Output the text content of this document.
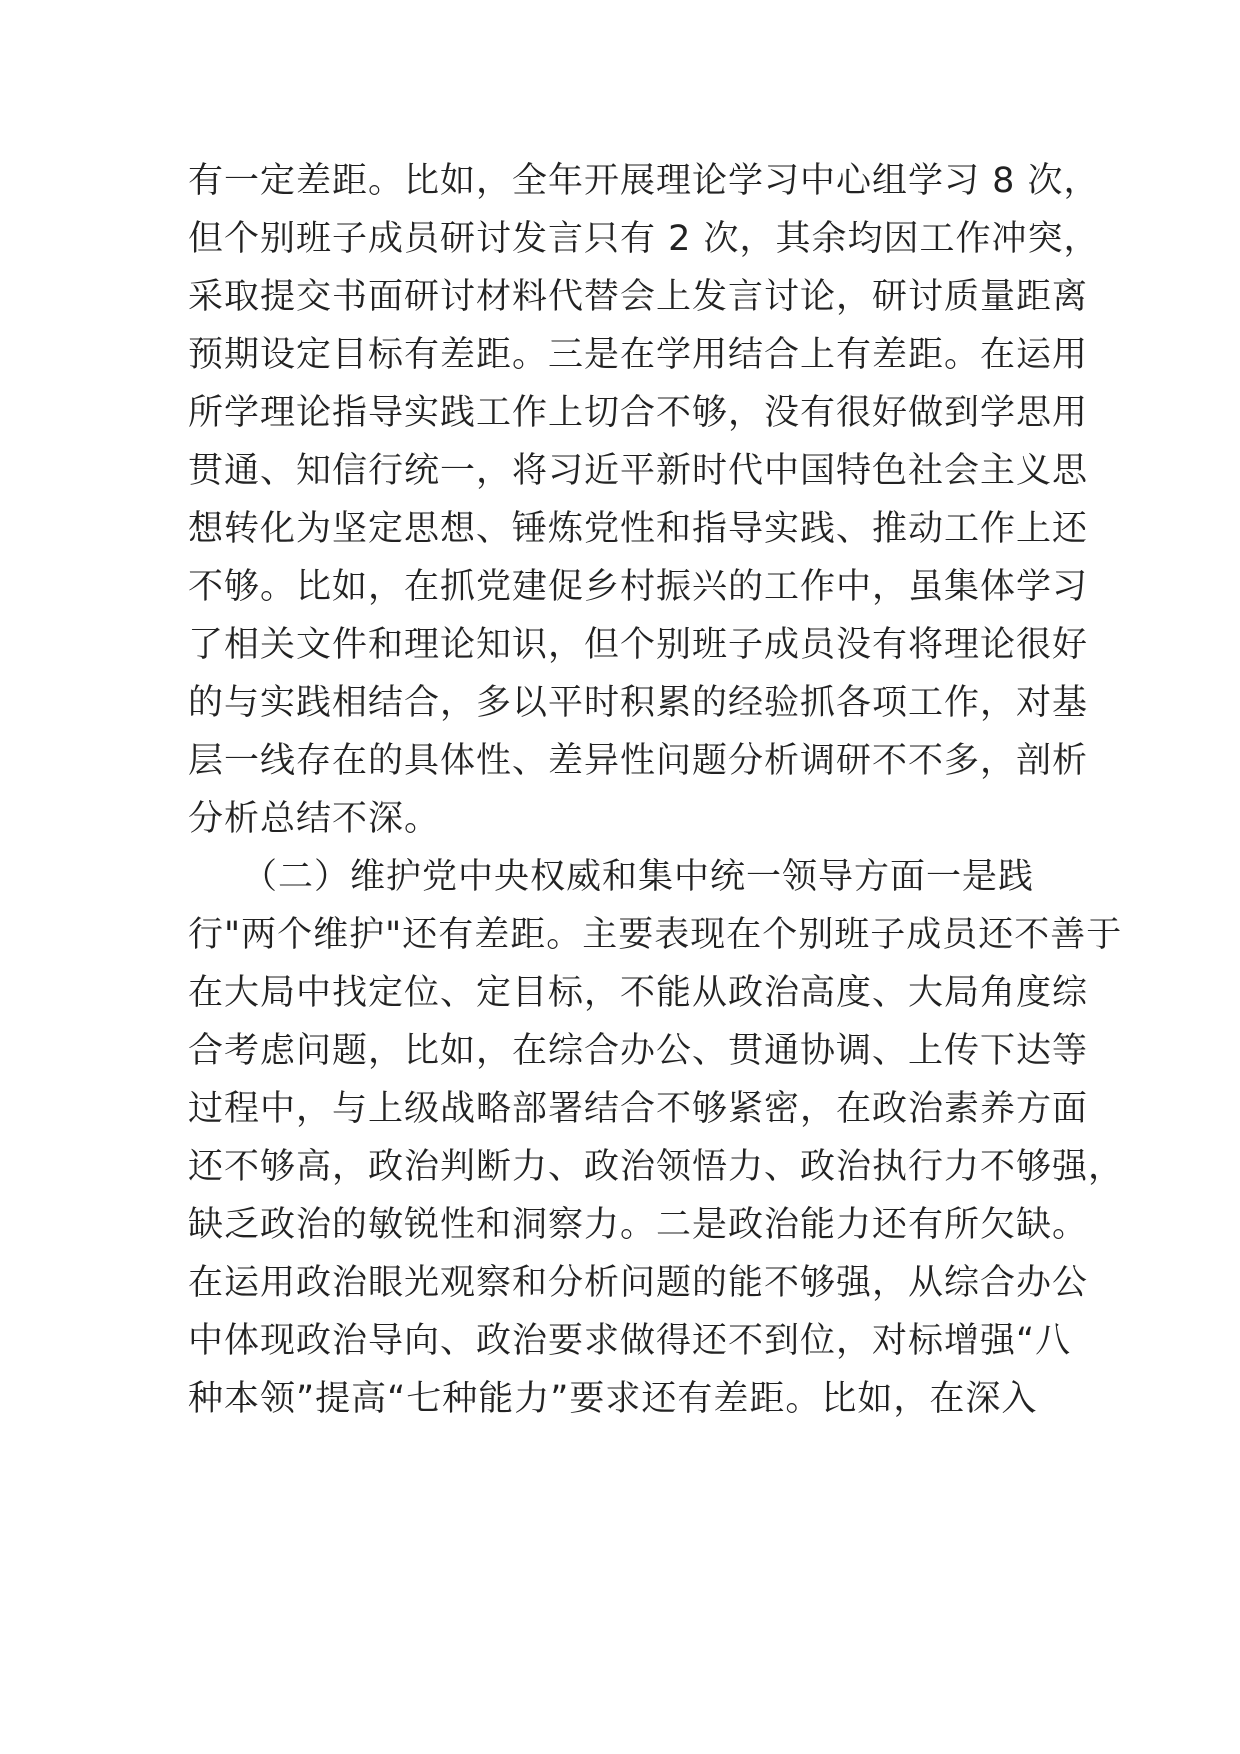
有一定差距。比如，全年开展理论学习中心组学习 8 次，
但个别班子成员研讨发言只有 2 次，其余均因工作冲突，
采取提交书面研讨材料代替会上发言讨论，研讨质量距离
预期设定目标有差距。三是在学用结合上有差距。在运用
所学理论指导实践工作上切合不够，没有很好做到学思用
贯通、知信行统一，将习近平新时代中国特色社会主义思
想转化为坚定思想、锤炼党性和指导实践、推动工作上还
不够。比如，在抓党建促乡村振兴的工作中，虽集体学习
了相关文件和理论知识，但个别班子成员没有将理论很好
的与实践相结合，多以平时积累的经验抓各项工作，对基
层一线存在的具体性、差异性问题分析调研不不多，剖析
分析总结不深。
（二）维护党中央权威和集中统一领导方面一是践
行"两个维护"还有差距。主要表现在个别班子成员还不善于
在大局中找定位、定目标，不能从政治高度、大局角度综
合考虑问题，比如，在综合办公、贯通协调、上传下达等
过程中，与上级战略部署结合不够紧密，在政治素养方面
还不够高，政治判断力、政治领悟力、政治执行力不够强，
缺乏政治的敏锐性和洞察力。二是政治能力还有所欠缺。
在运用政治眼光观察和分析问题的能不够强，从综合办公
中体现政治导向、政治要求做得还不到位，对标增强“八
种本领”提高“七种能力”要求还有差距。比如，在深入
